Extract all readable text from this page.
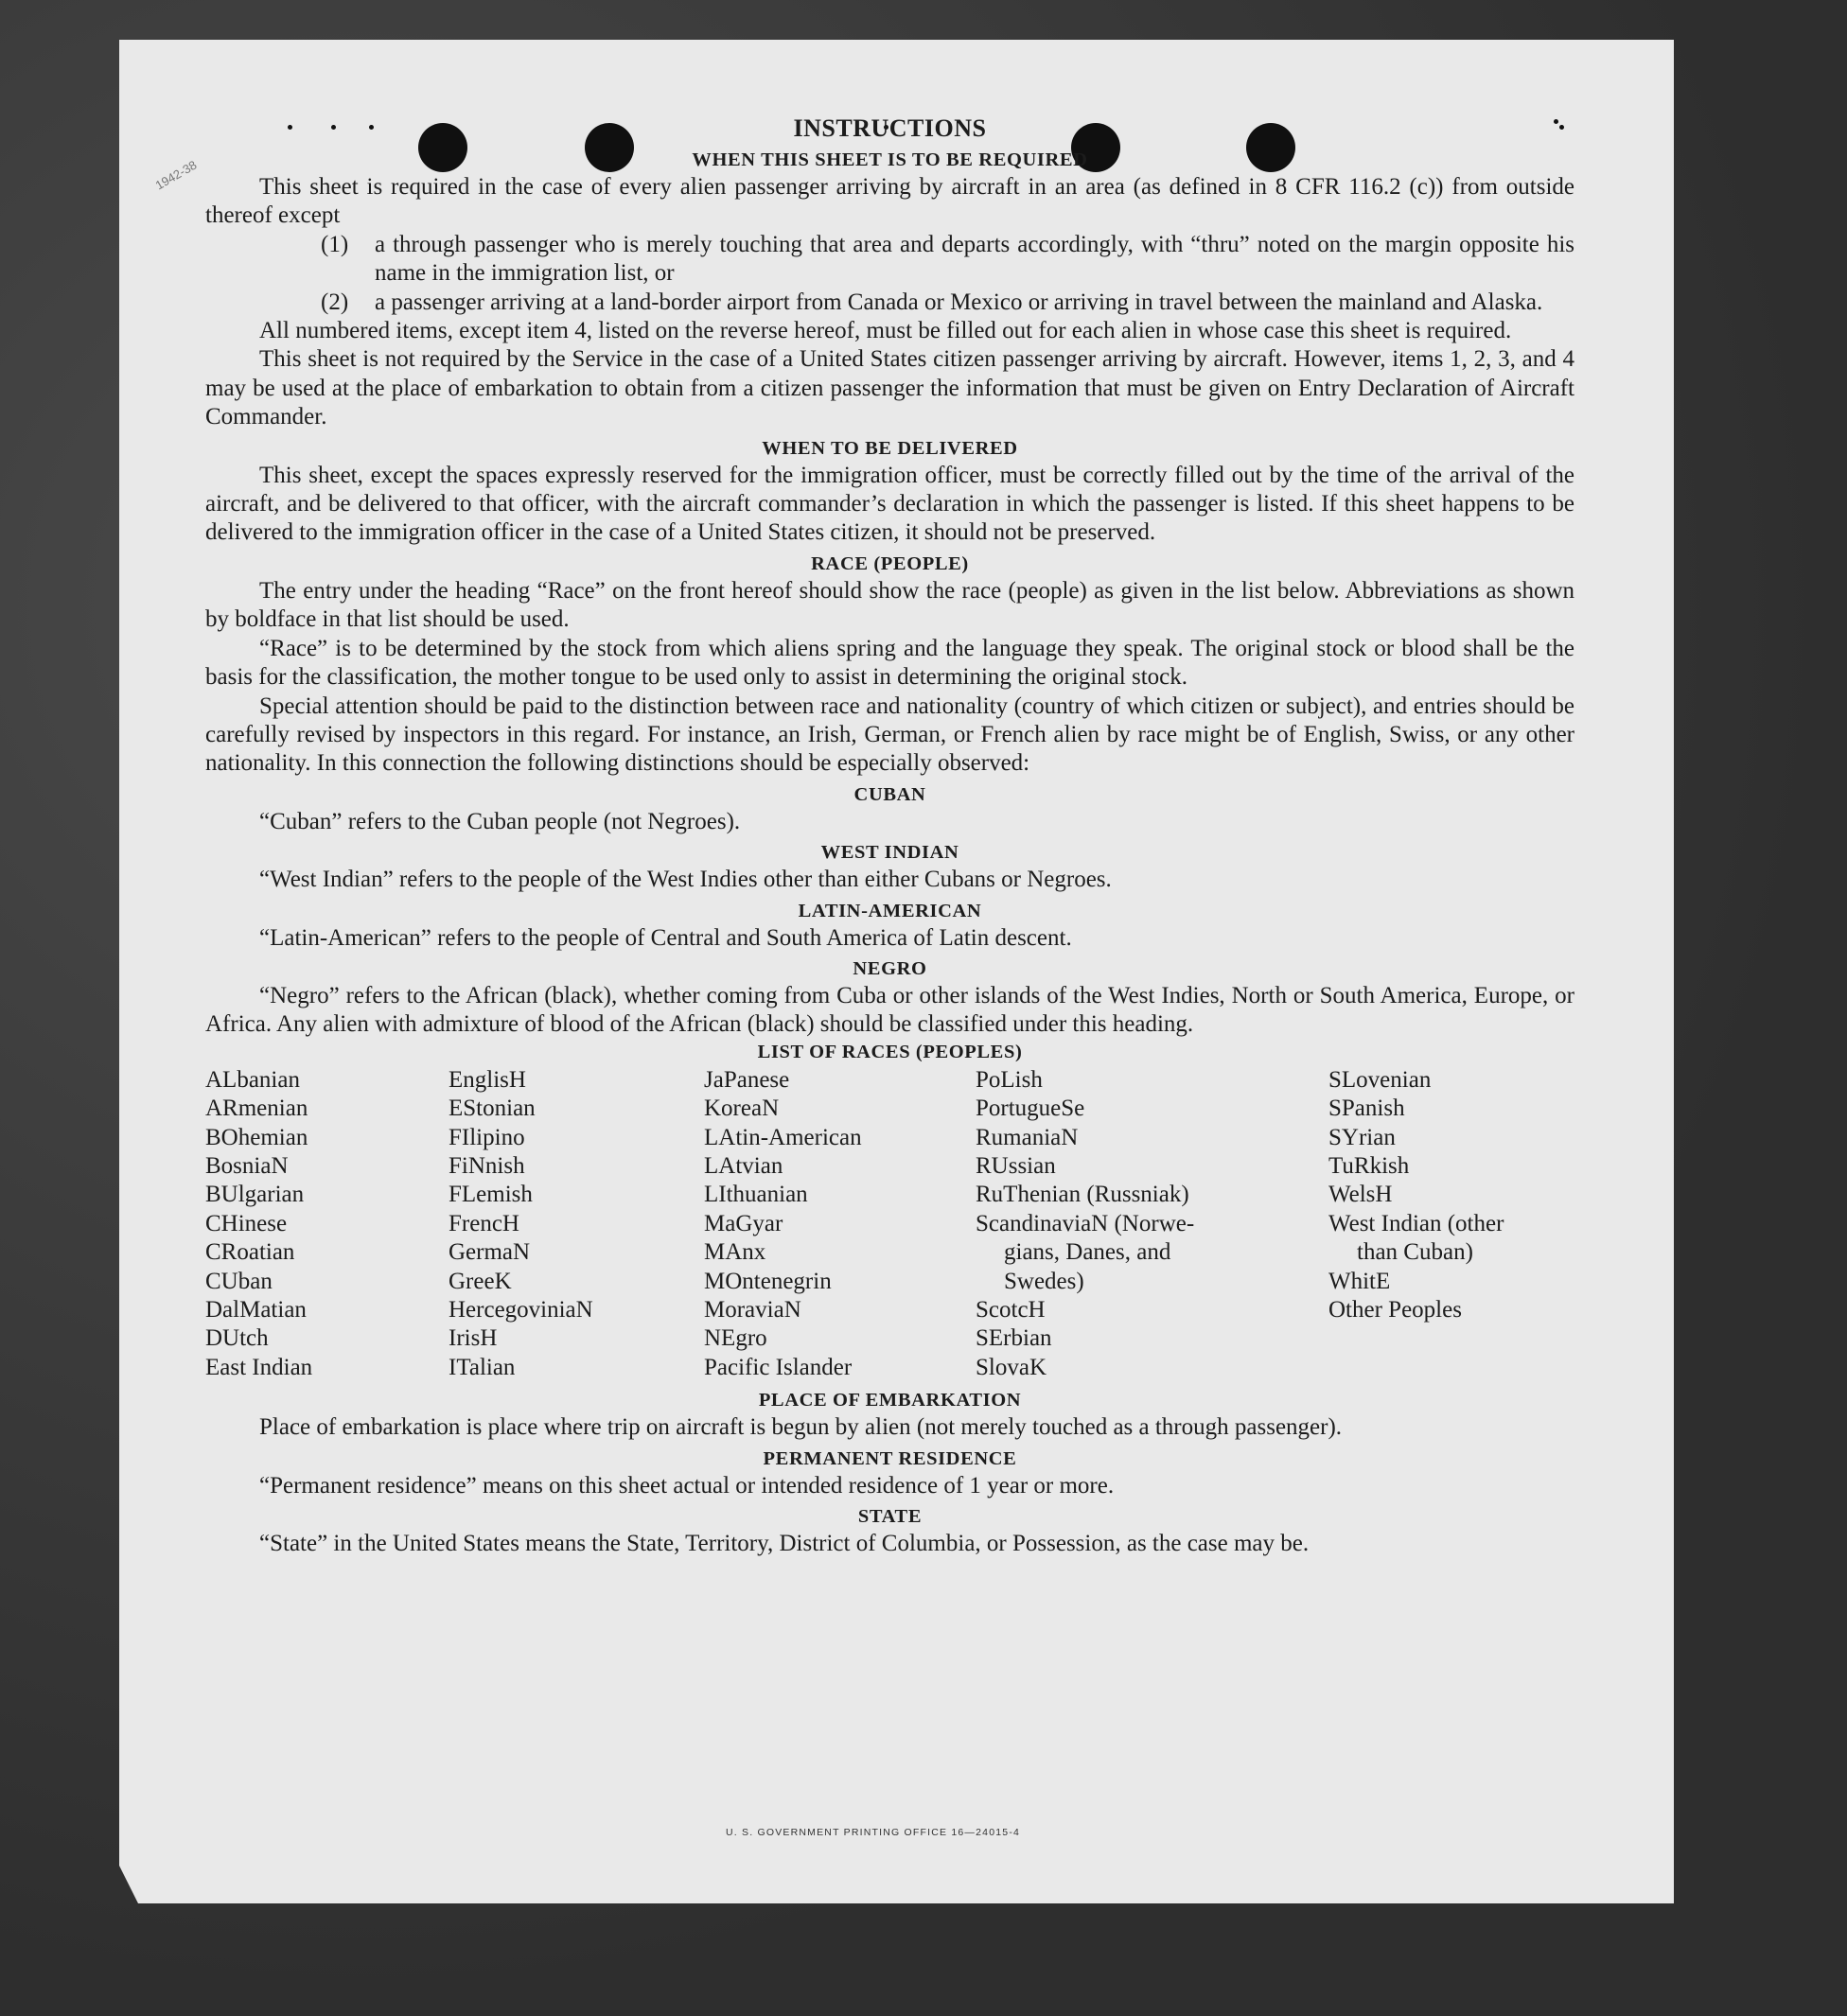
1942-38
INSTRUCTIONS
WHEN THIS SHEET IS TO BE REQUIRED

This sheet is required in the case of every alien passenger arriving by aircraft in an area (as defined in 8 CFR 116.2 (c)) from outside thereof except

(1)	a through passenger who is merely touching that area and departs accordingly, with “thru” noted on the margin opposite his name in the immigration list, or
(2)	a passenger arriving at a land-border airport from Canada or Mexico or arriving in travel between the mainland and Alaska.

All numbered items, except item 4, listed on the reverse hereof, must be filled out for each alien in whose case this sheet is required.

This sheet is not required by the Service in the case of a United States citizen passenger arriving by aircraft. However, items 1, 2, 3, and 4 may be used at the place of embarkation to obtain from a citizen passenger the information that must be given on Entry Declaration of Aircraft Commander.

WHEN TO BE DELIVERED

This sheet, except the spaces expressly reserved for the immigration officer, must be correctly filled out by the time of the arrival of the aircraft, and be delivered to that officer, with the aircraft commander’s declaration in which the passenger is listed. If this sheet happens to be delivered to the immigration officer in the case of a United States citizen, it should not be preserved.

RACE (PEOPLE)

The entry under the heading “Race” on the front hereof should show the race (people) as given in the list below. Abbreviations as shown by boldface in that list should be used.

“Race” is to be determined by the stock from which aliens spring and the language they speak. The original stock or blood shall be the basis for the classification, the mother tongue to be used only to assist in determining the original stock.

Special attention should be paid to the distinction between race and nationality (country of which citizen or subject), and entries should be carefully revised by inspectors in this regard. For instance, an Irish, German, or French alien by race might be of English, Swiss, or any other nationality. In this connection the following distinctions should be especially observed:

CUBAN

“Cuban” refers to the Cuban people (not Negroes).

WEST INDIAN

“West Indian” refers to the people of the West Indies other than either Cubans or Negroes.

LATIN-AMERICAN

“Latin-American” refers to the people of Central and South America of Latin descent.

NEGRO

“Negro” refers to the African (black), whether coming from Cuba or other islands of the West Indies, North or South America, Europe, or Africa. Any alien with admixture of blood of the African (black) should be classified under this heading.

LIST OF RACES (PEOPLES)
ALbanian
ARmenian
BOhemian
BosniaN
BUlgarian
CHinese
CRoatian
CUban
DalMatian
DUtch
East Indian
EnglisH
EStonian
FIlipino
FiNnish
FLemish
FrencH
GermaN
GreeK
HercegoviniaN
IrisH
ITalian
JaPanese
KoreaN
LAtin-American
LAtvian
LIthuanian
MaGyar
MAnx
MOntenegrin
MoraviaN
NEgro
Pacific Islander
PoLish
PortugueSe
RumaniaN
RUssian
RuThenian (Russniak)
ScandinaviaN (Norwe-
gians, Danes, and
Swedes)
ScotcH
SErbian
SlovaK
SLovenian
SPanish
SYrian
TuRkish
WelsH
West Indian (other
than Cuban)
WhitE
Other Peoples
PLACE OF EMBARKATION

Place of embarkation is place where trip on aircraft is begun by alien (not merely touched as a through passenger).

PERMANENT RESIDENCE

“Permanent residence” means on this sheet actual or intended residence of 1 year or more.

STATE

“State” in the United States means the State, Territory, District of Columbia, or Possession, as the case may be.

U. S. GOVERNMENT PRINTING OFFICE 16—24015-4
